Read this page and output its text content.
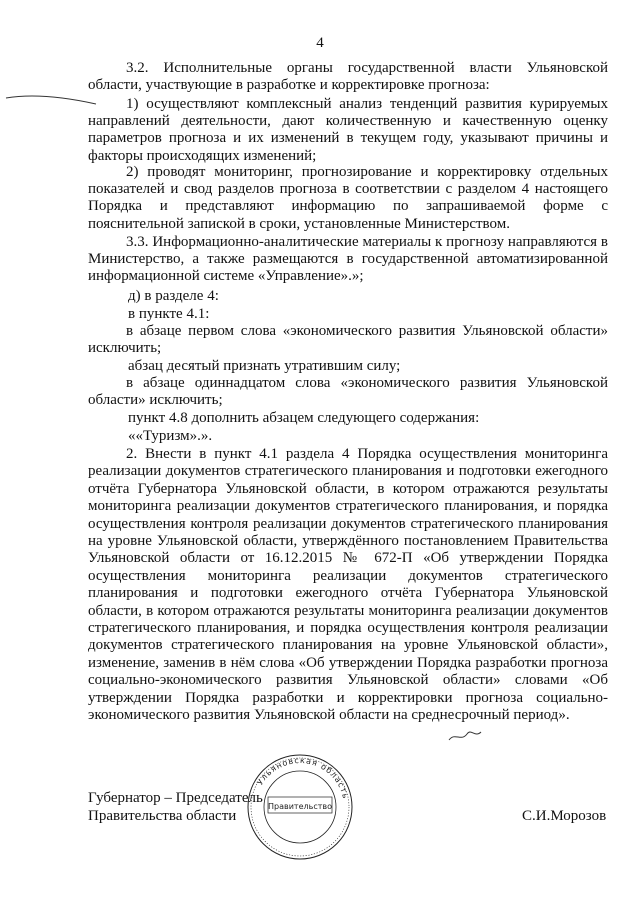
4

3.2. Исполнительные органы государственной власти Ульяновской области, участвующие в разработке и корректировке прогноза:

1) осуществляют комплексный анализ тенденций развития курируемых направлений деятельности, дают количественную и качественную оценку параметров прогноза и их изменений в текущем году, указывают причины и факторы происходящих изменений;

2) проводят мониторинг, прогнозирование и корректировку отдельных показателей и свод разделов прогноза в соответствии с разделом 4 настоящего Порядка и представляют информацию по запрашиваемой форме с пояснительной запиской в сроки, установленные Министерством.

3.3. Информационно-аналитические материалы к прогнозу направляются в Министерство, а также размещаются в государственной автоматизированной информационной системе «Управление».»;

д) в разделе 4:

в пункте 4.1:

в абзаце первом слова «экономического развития Ульяновской области» исключить;

абзац десятый признать утратившим силу;

в абзаце одиннадцатом слова «экономического развития Ульяновской области» исключить;

пункт 4.8 дополнить абзацем следующего содержания:

««Туризм».».

2. Внести в пункт 4.1 раздела 4 Порядка осуществления мониторинга реализации документов стратегического планирования и подготовки ежегодного отчёта Губернатора Ульяновской области, в котором отражаются результаты мониторинга реализации документов стратегического планирования, и порядка осуществления контроля реализации документов стратегического планирования на уровне Ульяновской области, утверждённого постановлением Правительства Ульяновской области от 16.12.2015 № 672-П «Об утверждении Порядка осуществления мониторинга реализации документов стратегического планирования и подготовки ежегодного отчёта Губернатора Ульяновской области, в котором отражаются результаты мониторинга реализации документов стратегического планирования, и порядка осуществления контроля реализации документов стратегического планирования на уровне Ульяновской области», изменение, заменив в нём слова «Об утверждении Порядка разработки прогноза социально-экономического развития Ульяновской области» словами «Об утверждении Порядка разработки и корректировки прогноза социально-экономического развития Ульяновской области на среднесрочный период».

Губернатор – Председатель
Правительства области	С.И.Морозов
Ульяновская область
Правительство
